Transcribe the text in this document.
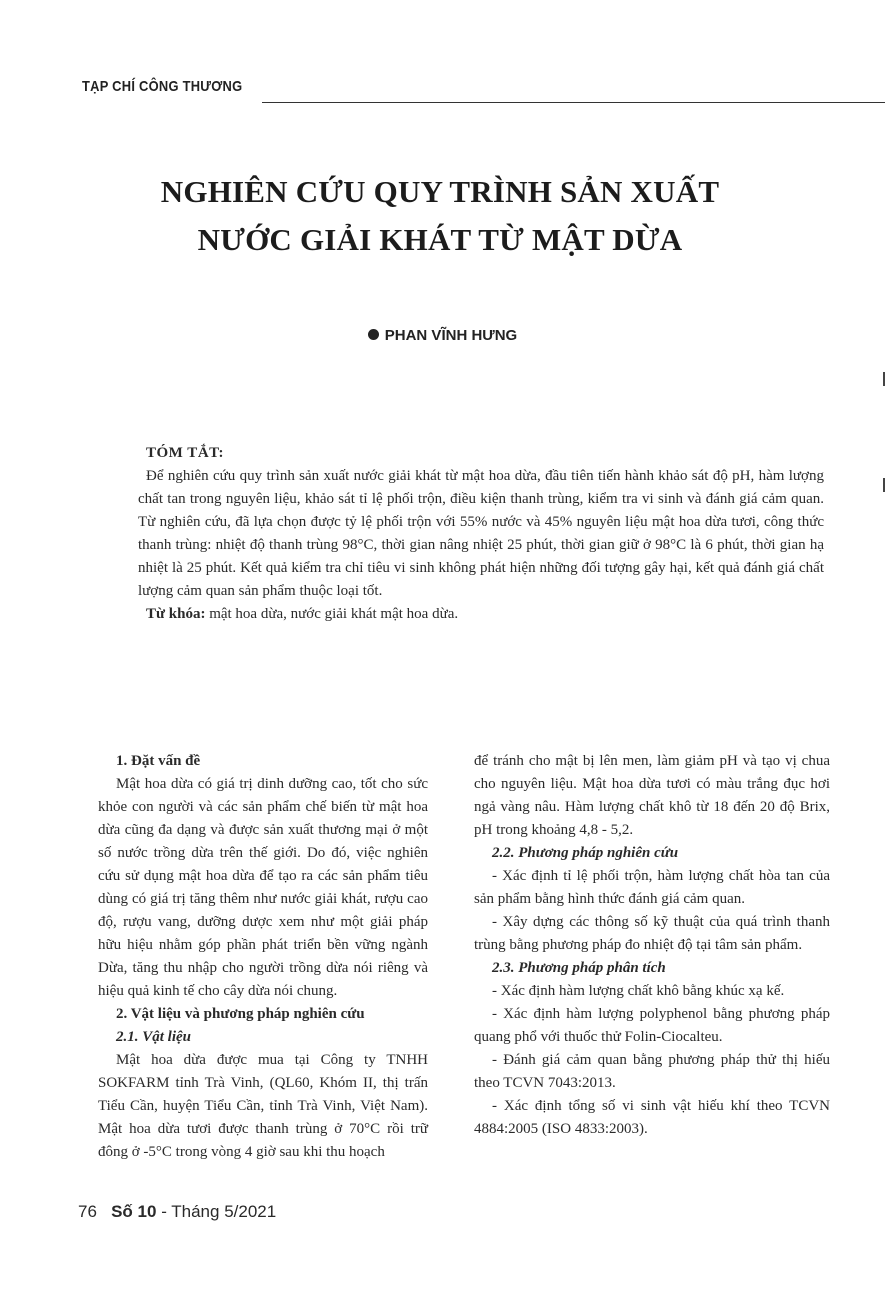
TẠP CHÍ CÔNG THƯƠNG
NGHIÊN CỨU QUY TRÌNH SẢN XUẤT
NƯỚC GIẢI KHÁT TỪ MẬT DỪA
PHAN VĨNH HƯNG
TÓM TẮT:

Để nghiên cứu quy trình sản xuất nước giải khát từ mật hoa dừa, đầu tiên tiến hành khảo sát độ pH, hàm lượng chất tan trong nguyên liệu, khảo sát tỉ lệ phối trộn, điều kiện thanh trùng, kiểm tra vi sinh và đánh giá cảm quan. Từ nghiên cứu, đã lựa chọn được tỷ lệ phối trộn với 55% nước và 45% nguyên liệu mật hoa dừa tươi, công thức thanh trùng: nhiệt độ thanh trùng 98°C, thời gian nâng nhiệt 25 phút, thời gian giữ ở 98°C là 6 phút, thời gian hạ nhiệt là 25 phút. Kết quả kiểm tra chỉ tiêu vi sinh không phát hiện những đối tượng gây hại, kết quả đánh giá chất lượng cảm quan sản phẩm thuộc loại tốt.

Từ khóa: mật hoa dừa, nước giải khát mật hoa dừa.

1. Đặt vấn đề

Mật hoa dừa có giá trị dinh dưỡng cao, tốt cho sức khỏe con người và các sản phẩm chế biến từ mật hoa dừa cũng đa dạng và được sản xuất thương mại ở một số nước trồng dừa trên thế giới. Do đó, việc nghiên cứu sử dụng mật hoa dừa để tạo ra các sản phẩm tiêu dùng có giá trị tăng thêm như nước giải khát, rượu cao độ, rượu vang, dưỡng dược xem như một giải pháp hữu hiệu nhằm góp phần phát triển bền vững ngành Dừa, tăng thu nhập cho người trồng dừa nói riêng và hiệu quả kinh tế cho cây dừa nói chung.

2. Vật liệu và phương pháp nghiên cứu

2.1. Vật liệu

Mật hoa dừa được mua tại Công ty TNHH SOKFARM tỉnh Trà Vinh, (QL60, Khóm II, thị trấn Tiểu Cần, huyện Tiểu Cần, tỉnh Trà Vinh, Việt Nam). Mật hoa dừa tươi được thanh trùng ở 70°C rồi trữ đông ở -5°C trong vòng 4 giờ sau khi thu hoạch

để tránh cho mật bị lên men, làm giảm pH và tạo vị chua cho nguyên liệu. Mật hoa dừa tươi có màu trắng đục hơi ngả vàng nâu. Hàm lượng chất khô từ 18 đến 20 độ Brix, pH trong khoảng 4,8 - 5,2.

2.2. Phương pháp nghiên cứu

- Xác định tỉ lệ phối trộn, hàm lượng chất hòa tan của sản phẩm bằng hình thức đánh giá cảm quan.

- Xây dựng các thông số kỹ thuật của quá trình thanh trùng bằng phương pháp đo nhiệt độ tại tâm sản phẩm.

2.3. Phương pháp phân tích

- Xác định hàm lượng chất khô bằng khúc xạ kế.

- Xác định hàm lượng polyphenol bằng phương pháp quang phổ với thuốc thử Folin-Ciocalteu.

- Đánh giá cảm quan bằng phương pháp thử thị hiếu theo TCVN 7043:2013.

- Xác định tổng số vi sinh vật hiếu khí theo TCVN 4884:2005 (ISO 4833:2003).

76 Số 10 - Tháng 5/2021
